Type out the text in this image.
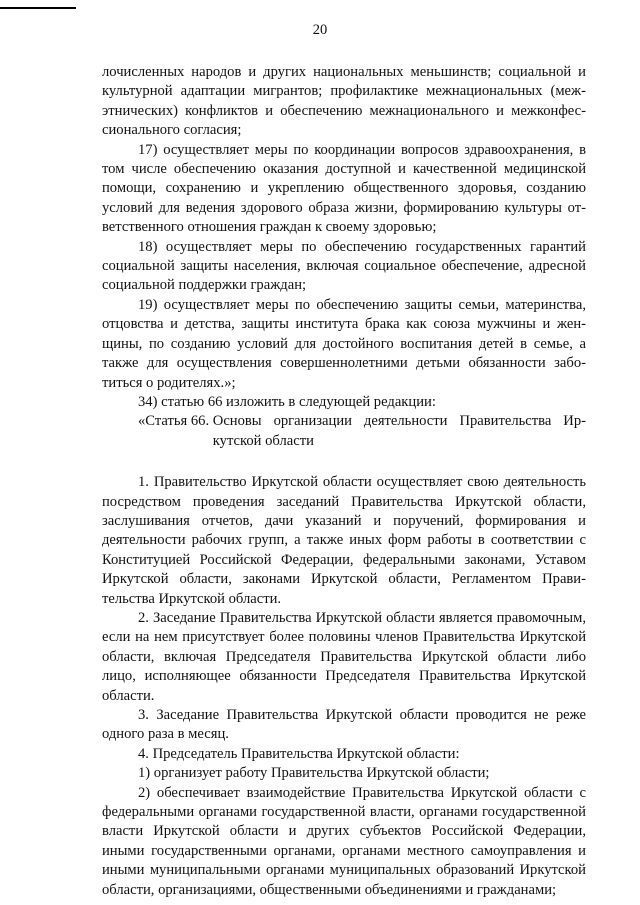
20

лочисленных народов и других национальных меньшинств; социальной и культурной адаптации мигрантов; профилактике межнациональных (межэтнических) конфликтов и обеспечению межнационального и межконфессионального согласия;

17) осуществляет меры по координации вопросов здравоохранения, в том числе обеспечению оказания доступной и качественной медицинской помощи, сохранению и укреплению общественного здоровья, созданию условий для ведения здорового образа жизни, формированию культуры ответственного отношения граждан к своему здоровью;

18) осуществляет меры по обеспечению государственных гарантий социальной защиты населения, включая социальное обеспечение, адресной социальной поддержки граждан;

19) осуществляет меры по обеспечению защиты семьи, материнства, отцовства и детства, защиты института брака как союза мужчины и женщины, по созданию условий для достойного воспитания детей в семье, а также для осуществления совершеннолетними детьми обязанности заботиться о родителях.»;

34) статью 66 изложить в следующей редакции:

«Статья 66. Основы организации деятельности Правительства Иркутской области

1. Правительство Иркутской области осуществляет свою деятельность посредством проведения заседаний Правительства Иркутской области, заслушивания отчетов, дачи указаний и поручений, формирования и деятельности рабочих групп, а также иных форм работы в соответствии с Конституцией Российской Федерации, федеральными законами, Уставом Иркутской области, законами Иркутской области, Регламентом Правительства Иркутской области.

2. Заседание Правительства Иркутской области является правомочным, если на нем присутствует более половины членов Правительства Иркутской области, включая Председателя Правительства Иркутской области либо лицо, исполняющее обязанности Председателя Правительства Иркутской области.

3. Заседание Правительства Иркутской области проводится не реже одного раза в месяц.

4. Председатель Правительства Иркутской области:

1) организует работу Правительства Иркутской области;

2) обеспечивает взаимодействие Правительства Иркутской области с федеральными органами государственной власти, органами государственной власти Иркутской области и других субъектов Российской Федерации, иными государственными органами, органами местного самоуправления и иными муниципальными органами муниципальных образований Иркутской области, организациями, общественными объединениями и гражданами;
